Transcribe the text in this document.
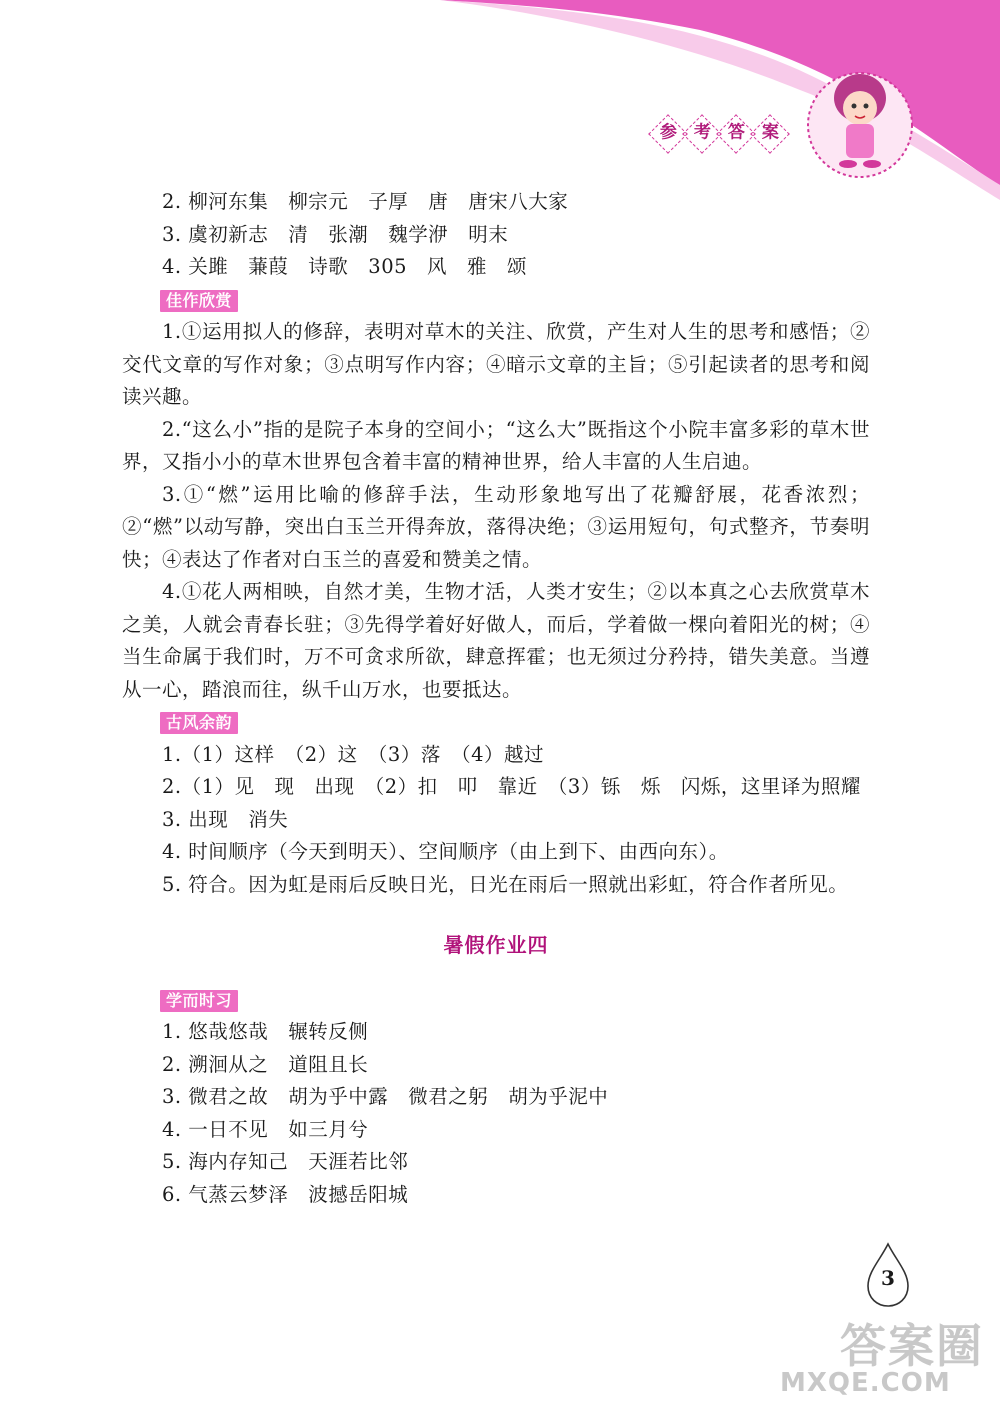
参	考	答	案
2. 柳河东集　柳宗元　子厚　唐　唐宋八大家
3. 虞初新志　清　张潮　魏学洢　明末
4. 关雎　蒹葭　诗歌　305　风　雅　颂
佳作欣赏
1.①运用拟人的修辞，表明对草木的关注、欣赏，产生对人生的思考和感悟；②交代文章的写作对象；③点明写作内容；④暗示文章的主旨；⑤引起读者的思考和阅读兴趣。
2.“这么小”指的是院子本身的空间小；“这么大”既指这个小院丰富多彩的草木世界，又指小小的草木世界包含着丰富的精神世界，给人丰富的人生启迪。
3.①“燃”运用比喻的修辞手法，生动形象地写出了花瓣舒展，花香浓烈；②“燃”以动写静，突出白玉兰开得奔放，落得决绝；③运用短句，句式整齐，节奏明快；④表达了作者对白玉兰的喜爱和赞美之情。
4.①花人两相映，自然才美，生物才活，人类才安生；②以本真之心去欣赏草木之美，人就会青春长驻；③先得学着好好做人，而后，学着做一棵向着阳光的树；④当生命属于我们时，万不可贪求所欲，肆意挥霍；也无须过分矜持，错失美意。当遵从一心，踏浪而往，纵千山万水，也要抵达。
古风余韵
1.（1）这样　（2）这　（3）落　（4）越过
2.（1）见　现　出现　（2）扣　叩　靠近　（3）铄　烁　闪烁，这里译为照耀
3. 出现　消失
4. 时间顺序（今天到明天）、空间顺序（由上到下、由西向东）。
5. 符合。因为虹是雨后反映日光，日光在雨后一照就出彩虹，符合作者所见。
暑假作业四
学而时习
1. 悠哉悠哉　辗转反侧
2. 溯洄从之　道阻且长
3. 微君之故　胡为乎中露　微君之躬　胡为乎泥中
4. 一日不见　如三月兮
5. 海内存知己　天涯若比邻
6. 气蒸云梦泽　波撼岳阳城
3
答案圈
MXQE.COM
